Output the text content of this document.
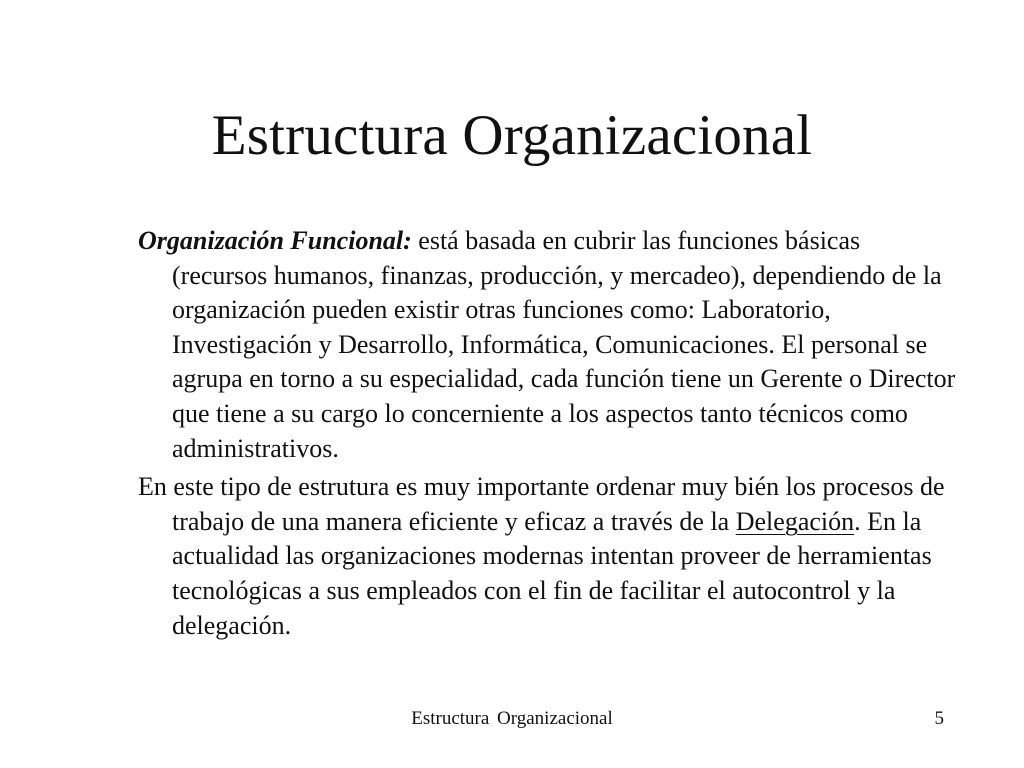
Estructura Organizacional

Organización Funcional: está basada en cubrir las funciones básicas (recursos humanos, finanzas, producción, y mercadeo), dependiendo de la organización pueden existir otras funciones como: Laboratorio, Investigación y Desarrollo, Informática, Comunicaciones. El personal se agrupa en torno a su especialidad, cada función tiene un Gerente o Director que tiene a su cargo lo concerniente a los aspectos tanto técnicos como administrativos.

En este tipo de estrutura es muy importante ordenar muy bién los procesos de trabajo de una manera eficiente y eficaz a través de la Delegación. En la actualidad las organizaciones modernas intentan proveer de herramientas tecnológicas a sus empleados con el fin de facilitar el autocontrol y la delegación.

Estructura Organizacional	5
